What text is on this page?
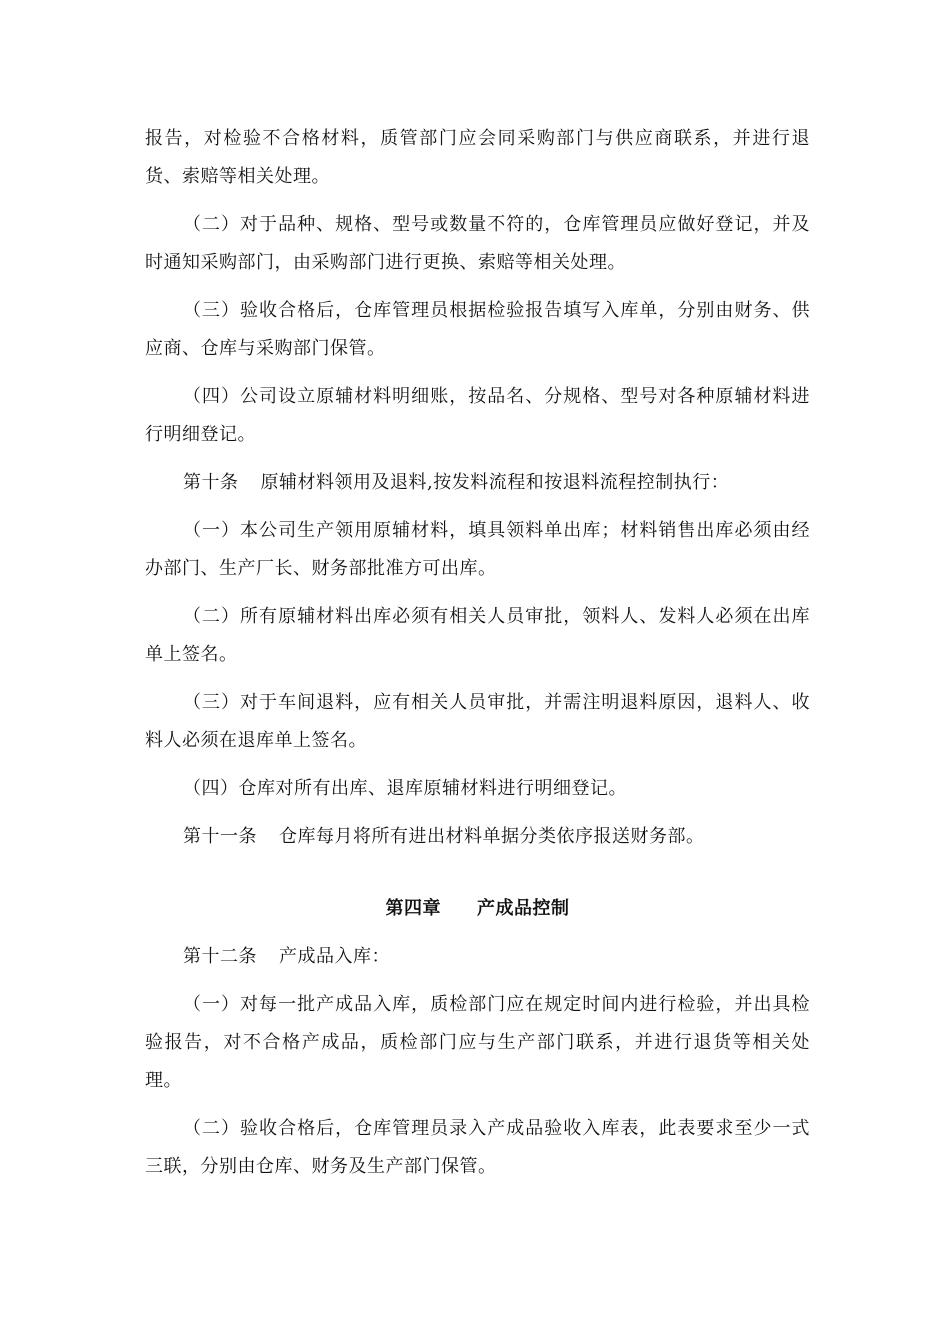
报告，对检验不合格材料，质管部门应会同采购部门与供应商联系，并进行退货、索赔等相关处理。

（二）对于品种、规格、型号或数量不符的，仓库管理员应做好登记，并及时通知采购部门，由采购部门进行更换、索赔等相关处理。

（三）验收合格后，仓库管理员根据检验报告填写入库单，分别由财务、供应商、仓库与采购部门保管。

（四）公司设立原辅材料明细账，按品名、分规格、型号对各种原辅材料进行明细登记。

第十条 原辅材料领用及退料,按发料流程和按退料流程控制执行：

（一）本公司生产领用原辅材料，填具领料单出库；材料销售出库必须由经办部门、生产厂长、财务部批准方可出库。

（二）所有原辅材料出库必须有相关人员审批，领料人、发料人必须在出库单上签名。

（三）对于车间退料，应有相关人员审批，并需注明退料原因，退料人、收料人必须在退库单上签名。

（四）仓库对所有出库、退库原辅材料进行明细登记。

第十一条 仓库每月将所有进出材料单据分类依序报送财务部。

第四章 产成品控制

第十二条 产成品入库：

（一）对每一批产成品入库，质检部门应在规定时间内进行检验，并出具检验报告，对不合格产成品，质检部门应与生产部门联系，并进行退货等相关处理。

（二）验收合格后，仓库管理员录入产成品验收入库表，此表要求至少一式三联，分别由仓库、财务及生产部门保管。
